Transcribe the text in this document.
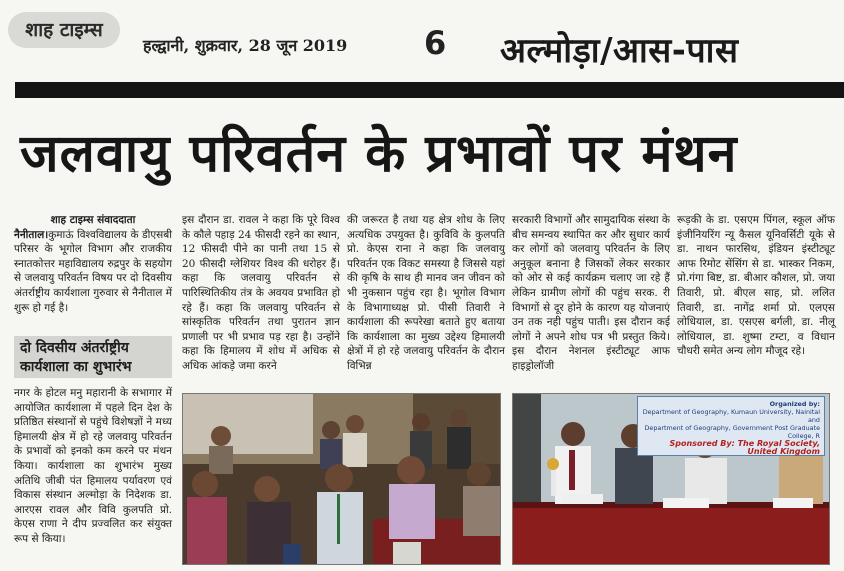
शाह टाइम्स
हल्द्वानी, शुक्रवार, 28 जून 2019 6 अल्मोड़ा/आस-पास
जलवायु परिवर्तन के प्रभावों पर मंथन

शाह टाइम्स संवाददाता

नैनीताल।कुमाऊं विश्वविद्यालय के डीएसबी परिसर के भूगोल विभाग और राजकीय स्नातकोत्तर महाविद्यालय रुद्रपुर के सहयोग से जलवायु परिवर्तन विषय पर दो दिवसीय अंतर्राष्ट्रीय कार्यशाला गुरुवार से नैनीताल में शुरू हो गई है।

दो दिवसीय अंतर्राष्ट्रीय कार्यशाला का शुभारंभ

नगर के होटल मनु महारानी के सभागार में आयोजित कार्यशाला में पहले दिन देश के प्रतिष्ठित संस्थानों से पहुंचे विशेषज्ञों ने मध्य हिमालयी क्षेत्र में हो रहे जलवायु परिवर्तन के प्रभावों को इनको कम करने पर मंथन किया। कार्यशाला का शुभारंभ मुख्य अतिथि जीबी पंत हिमालय पर्यावरण एवं विकास संस्थान अल्मोड़ा के निदेशक डा. आरएस रावल और विवि कुलपति प्रो. केएस राणा ने दीप प्रज्वलित कर संयुक्त रूप से किया।

इस दौरान डा. रावल ने कहा कि पूरे विश्व के कौले पहाड़ 24 फीसदी रहने का स्थान, 12 फीसदी पीने का पानी तथा 15 से 20 फीसदी ग्लेशियर विश्व की धरोहर हैं। कहा कि जलवायु परिवर्तन से पारिस्थितिकीय तंत्र के अवयव प्रभावित हो रहे हैं। कहा कि जलवायु परिवर्तन से सांस्कृतिक परिवर्तन तथा पुरातन ज्ञान प्रणाली पर भी प्रभाव पड़ रहा है। उन्होंने कहा कि हिमालय में शोध में अधिक से अधिक आंकड़े जमा करने

की जरूरत है तथा यह क्षेत्र शोध के लिए अत्यधिक उपयुक्त है। कुविवि के कुलपति प्रो. केएस राना ने कहा कि जलवायु परिवर्तन एक विकट समस्या है जिससे यहां की कृषि के साथ ही मानव जन जीवन को भी नुकसान पहुंच रहा है। भूगोल विभाग के विभागाध्यक्ष प्रो. पीसी तिवारी ने कार्यशाला की रूपरेखा बताते हुए बताया कि कार्यशाला का मुख्य उद्देश्य हिमालयी क्षेत्रों में हो रहे जलवायु परिवर्तन के दौरान विभिन्न

सरकारी विभागों और सामुदायिक संस्था के बीच समन्वय स्थापित कर और सुधार कार्य कर लोगों को जलवायु परिवर्तन के लिए अनुकूल बनाना है जिसकों लेकर सरकार को ओर से कई कार्यक्रम चलाए जा रहे हैं लेकिन ग्रामीण लोगों की पहुंच सरक. री विभागों से दूर होने के कारण यह योजनाएं उन तक नही पहुंच पाती। इस दौरान कई लोगों ने अपने शोध पत्र भी प्रस्तुत किये। इस दौरान नेशनल इंस्टीट्यूट आफ हाइड्रोलॉजी

रूड़की के डा. एसएम पिंगल, स्कूल ऑफ इंजीनियरिंग न्यू कैसल यूनिवर्सिटी यूके से डा. नाथन फारसिथ, इंडियन इंस्टीट्यूट आफ रिमोट सेंसिंग से डा. भास्कर निकम, प्रो.गंगा बिष्ट, डा. बीआर कौशल, प्रो. जया तिवारी, प्रो. बीएल साह, प्रो. ललित तिवारी, डा. नागेंद्र शर्मा प्रो. एलएस लोधियाल, डा. एसएस बर्गली, डा. नीलू लोधियाल, डा. शुष्मा टम्टा, व विधान चौधरी समेत अन्य लोग मौजूद रहे।

Organized by:
Department of Geography, Kumaun University, Nainital and
Department of Geography, Government Post Graduate College, R
Sponsored By: The Royal Society, United Kingdom
